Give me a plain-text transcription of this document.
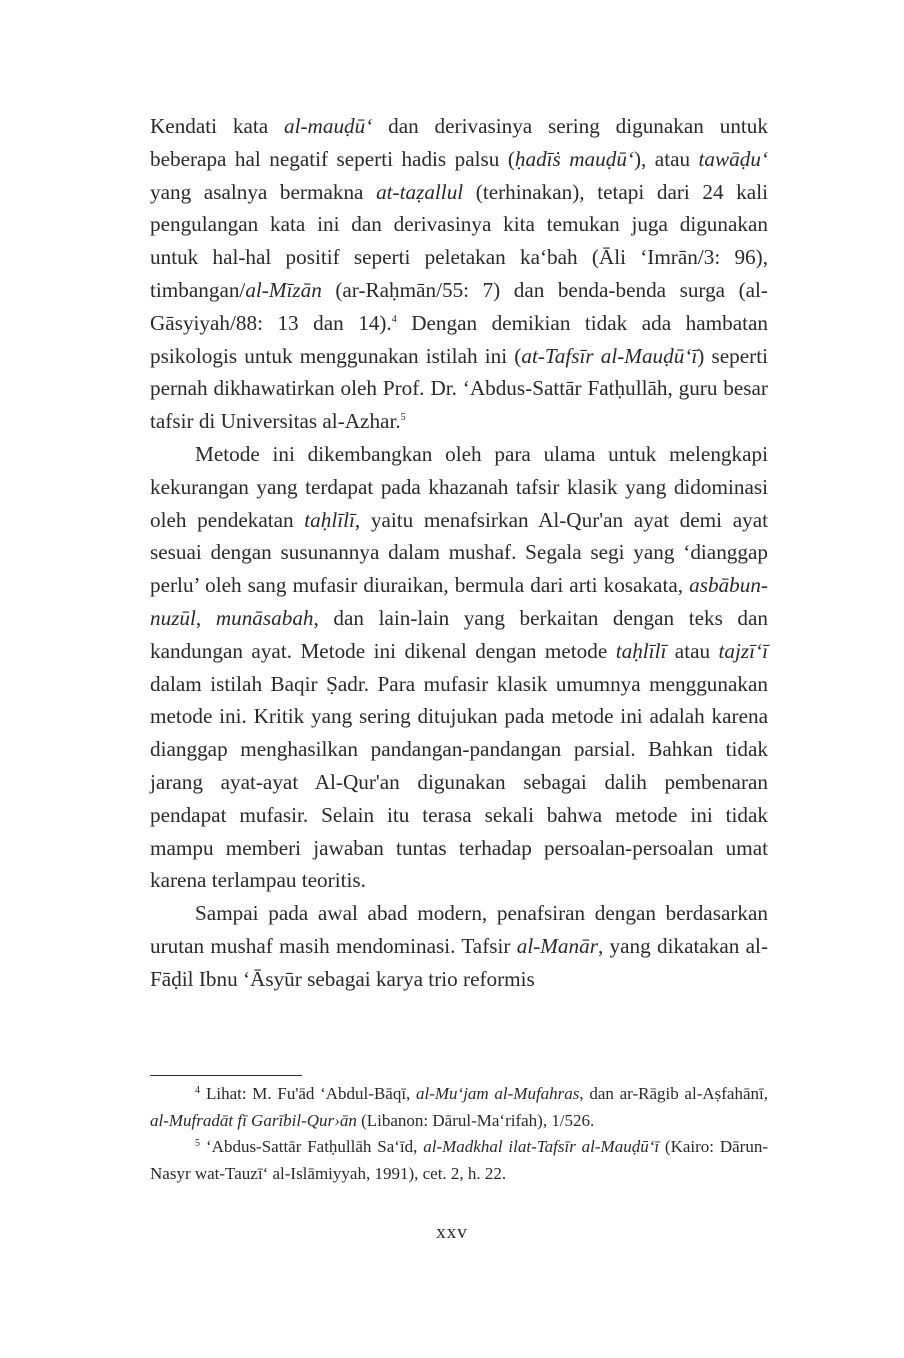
Kendati kata al-mauḍū‘ dan derivasinya sering digunakan untuk beberapa hal negatif seperti hadis palsu (ḥadīṡ mauḍū‘), atau tawāḍu‘ yang asalnya bermakna at-taẓallul (terhinakan), tetapi dari 24 kali pengulangan kata ini dan derivasinya kita temukan juga digunakan untuk hal-hal positif seperti peletakan ka‘bah (Āli ‘Imrān/3: 96), timbangan/al-Mīzān (ar-Raḥmān/55: 7) dan benda-benda surga (al-Gāsyiyah/88: 13 dan 14).$^4$ Dengan demikian tidak ada hambatan psikologis untuk menggunakan istilah ini (at-Tafsīr al-Mauḍū‘ī) seperti pernah dikhawatirkan oleh Prof. Dr. ‘Abdus-Sattār Fatḥullāh, guru besar tafsir di Universitas al-Azhar.$^5$

Metode ini dikembangkan oleh para ulama untuk melengkapi kekurangan yang terdapat pada khazanah tafsir klasik yang didominasi oleh pendekatan taḥlīlī, yaitu menafsirkan Al-Qur'an ayat demi ayat sesuai dengan susunannya dalam mushaf. Segala segi yang ‘dianggap perlu’ oleh sang mufasir diuraikan, bermula dari arti kosakata, asbābun-nuzūl, munāsabah, dan lain-lain yang berkaitan dengan teks dan kandungan ayat. Metode ini dikenal dengan metode taḥlīlī atau tajzī‘ī dalam istilah Baqir Ṣadr. Para mufasir klasik umumnya menggunakan metode ini. Kritik yang sering ditujukan pada metode ini adalah karena dianggap menghasilkan pandangan-pandangan parsial. Bahkan tidak jarang ayat-ayat Al-Qur'an digunakan sebagai dalih pembenaran pendapat mufasir. Selain itu terasa sekali bahwa metode ini tidak mampu memberi jawaban tuntas terhadap persoalan-persoalan umat karena terlampau teoritis.

Sampai pada awal abad modern, penafsiran dengan berdasarkan urutan mushaf masih mendominasi. Tafsir al-Manār, yang dikatakan al-Fāḍil Ibnu ‘Āsyūr sebagai karya trio reformis

$^4$ Lihat: M. Fu'ād ‘Abdul-Bāqī, al-Mu‘jam al-Mufahras, dan ar-Rāgib al-Aṣfahānī, al-Mufradāt fī Garībil-Qur›ān (Libanon: Dārul-Ma‘rifah), 1/526.

$^5$ ‘Abdus-Sattār Fatḥullāh Sa‘īd, al-Madkhal ilat-Tafsīr al-Mauḍū‘ī (Kairo: Dārun-Nasyr wat-Tauzī‘ al-Islāmiyyah, 1991), cet. 2, h. 22.

xxv
